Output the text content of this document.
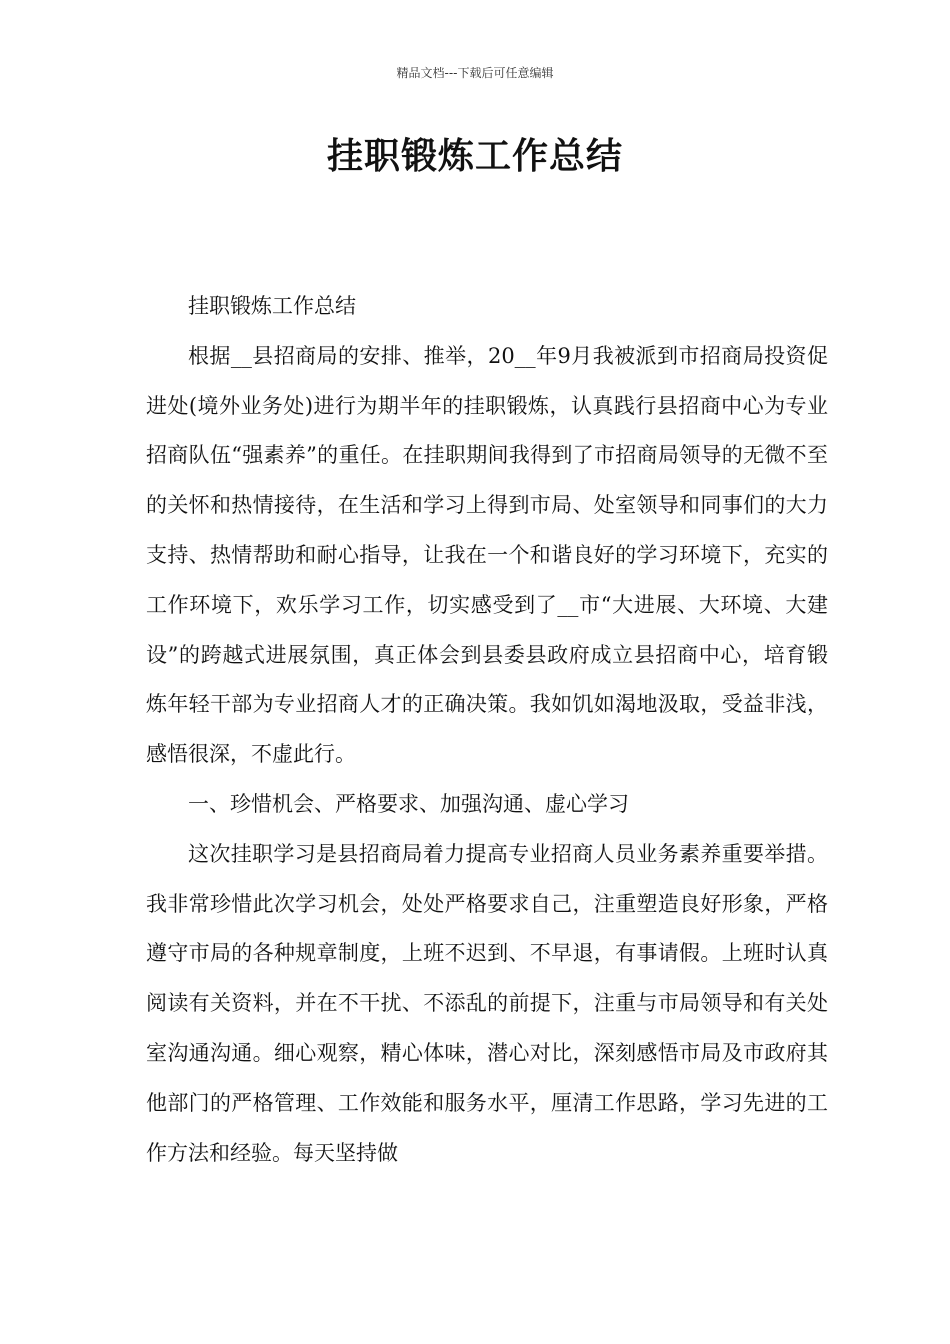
精品文档---下载后可任意编辑
挂职锻炼工作总结

挂职锻炼工作总结

根据__县招商局的安排、推举，20__年9月我被派到市招商局投资促进处(境外业务处)进行为期半年的挂职锻炼，认真践行县招商中心为专业招商队伍“强素养”的重任。在挂职期间我得到了市招商局领导的无微不至的关怀和热情接待，在生活和学习上得到市局、处室领导和同事们的大力支持、热情帮助和耐心指导，让我在一个和谐良好的学习环境下，充实的工作环境下，欢乐学习工作，切实感受到了__市“大进展、大环境、大建设”的跨越式进展氛围，真正体会到县委县政府成立县招商中心，培育锻炼年轻干部为专业招商人才的正确决策。我如饥如渴地汲取，受益非浅，感悟很深，不虚此行。

一、珍惜机会、严格要求、加强沟通、虚心学习

这次挂职学习是县招商局着力提高专业招商人员业务素养重要举措。我非常珍惜此次学习机会，处处严格要求自己，注重塑造良好形象，严格遵守市局的各种规章制度，上班不迟到、不早退，有事请假。上班时认真阅读有关资料，并在不干扰、不添乱的前提下，注重与市局领导和有关处室沟通沟通。细心观察，精心体味，潜心对比，深刻感悟市局及市政府其他部门的严格管理、工作效能和服务水平，厘清工作思路，学习先进的工作方法和经验。每天坚持做
